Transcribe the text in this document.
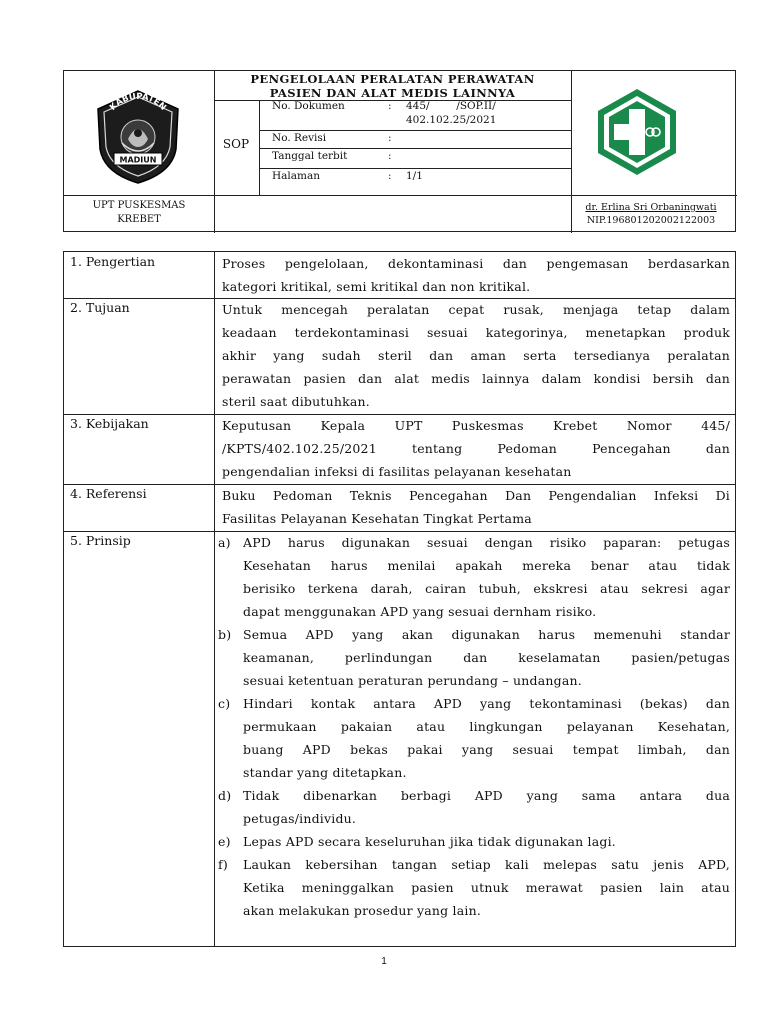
KABUPATEN
MADIUN
PENGELOLAAN PERALATAN PERAWATAN
PASIEN DAN ALAT MEDIS LAINNYA
SOP
No. Dokumen	: 445/        /SOP.II/
402.102.25/2021
No. Revisi	:
Tanggal terbit	:
Halaman	: 1/1
UPT PUSKESMAS
KREBET
dr. Erlina Sri Orbaningwati
NIP.196801202002122003
1. Pengertian	Proses pengelolaan, dekontaminasi dan pengemasan berdasarkan

kategori kritikal, semi kritikal dan non kritikal.

2. Tujuan	Untuk mencegah peralatan cepat rusak, menjaga tetap dalam

keadaan terdekontaminasi sesuai kategorinya, menetapkan produk

akhir yang sudah steril dan aman serta tersedianya peralatan

perawatan pasien dan alat medis lainnya dalam kondisi bersih dan

steril saat dibutuhkan.

3. Kebijakan	Keputusan Kepala UPT Puskesmas Krebet Nomor 445/

/KPTS/402.102.25/2021 tentang Pedoman Pencegahan dan

pengendalian infeksi di fasilitas pelayanan kesehatan

4. Referensi	Buku Pedoman Teknis Pencegahan Dan Pengendalian Infeksi Di

Fasilitas Pelayanan Kesehatan Tingkat Pertama

5. Prinsip	a) APD harus digunakan sesuai dengan risiko paparan: petugas
Kesehatan harus menilai apakah mereka benar atau tidak
berisiko terkena darah, cairan tubuh, ekskresi atau sekresi agar
dapat menggunakan APD yang sesuai dernham risiko.
b) Semua APD yang akan digunakan harus memenuhi standar
keamanan, perlindungan dan keselamatan pasien/petugas
sesuai ketentuan peraturan perundang – undangan.
c) Hindari kontak antara APD yang tekontaminasi (bekas) dan
permukaan pakaian atau lingkungan pelayanan Kesehatan,
buang APD bekas pakai yang sesuai tempat limbah, dan
standar yang ditetapkan.
d) Tidak dibenarkan berbagi APD yang sama antara dua
petugas/individu.
e) Lepas APD secara keseluruhan jika tidak digunakan lagi.
f) Laukan kebersihan tangan setiap kali melepas satu jenis APD,
Ketika meninggalkan pasien utnuk merawat pasien lain atau
akan melakukan prosedur yang lain.
1
